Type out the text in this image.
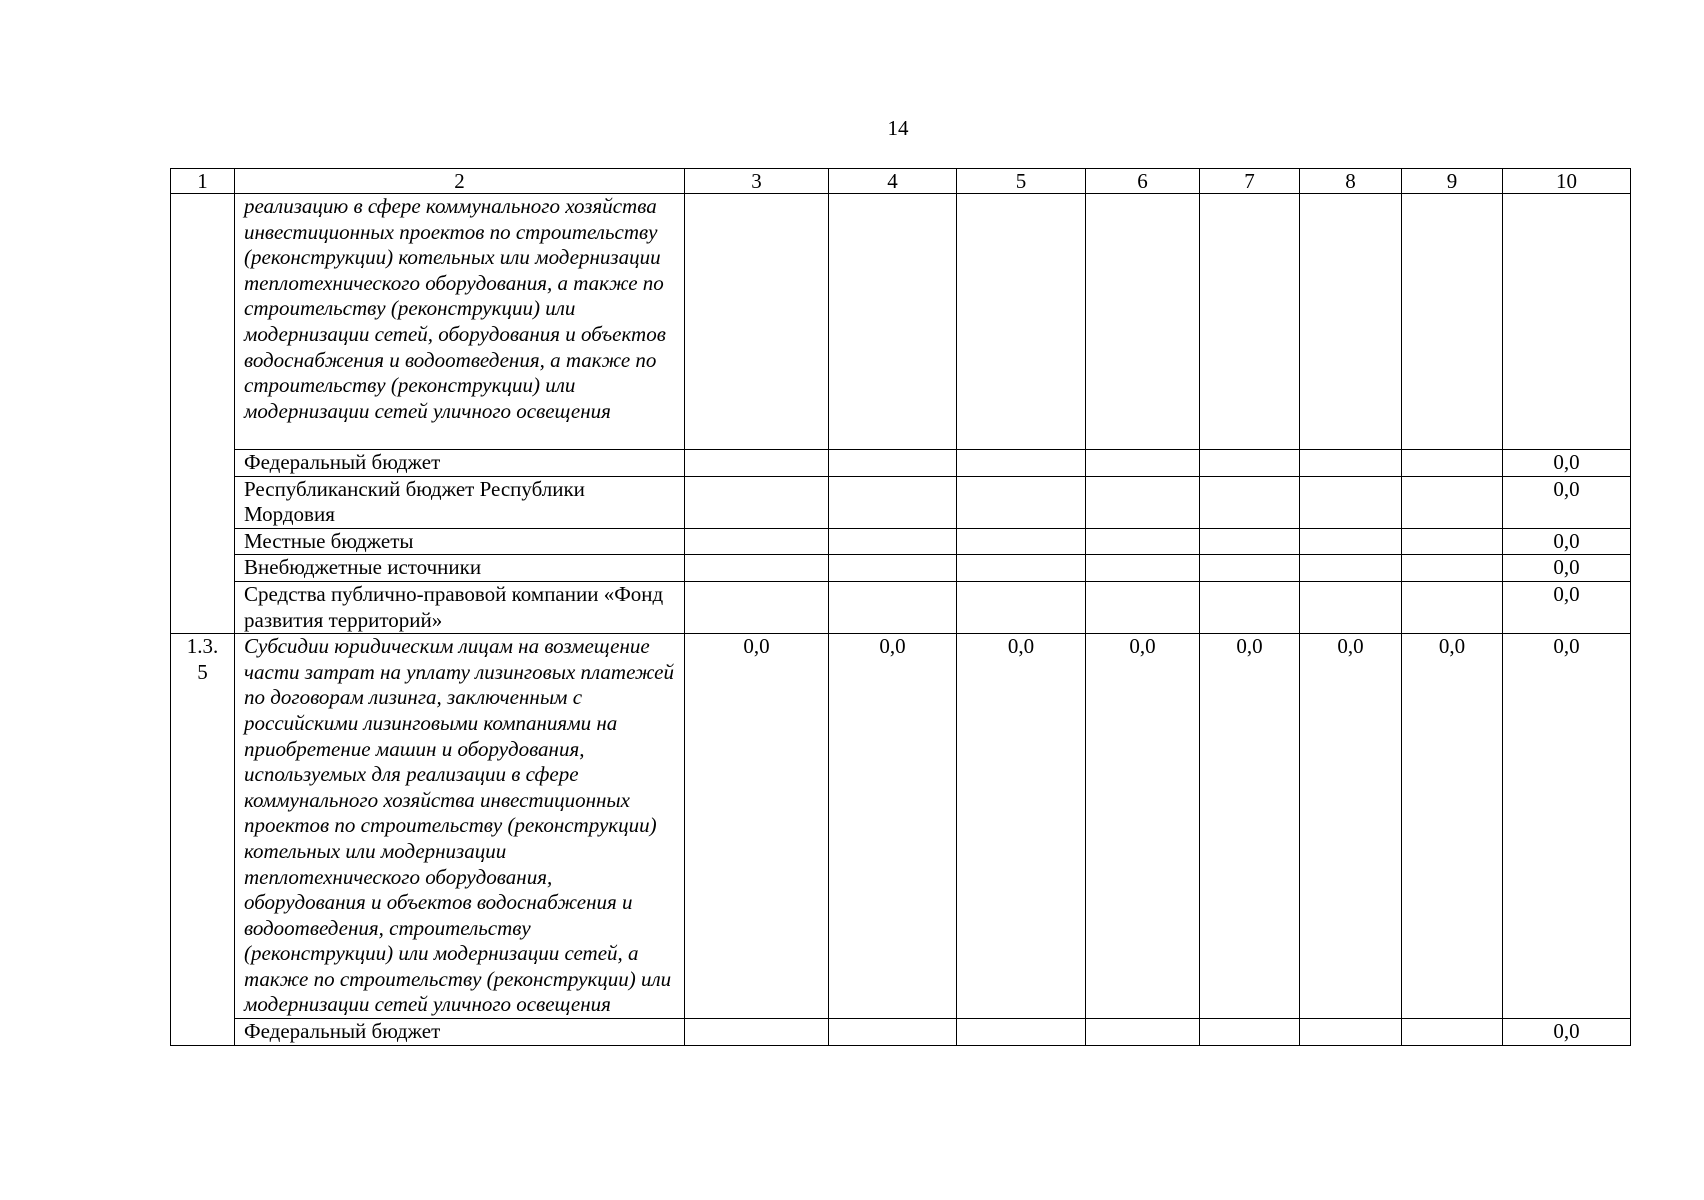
14
1	2	3	4	5	6	7	8	9	10
	реализацию в сфере коммунального хозяйства инвестиционных проектов по строительству (реконструкции) котельных или модернизации теплотехнического оборудования, а также по строительству (реконструкции) или модернизации сетей, оборудования и объектов водоснабжения и водоотведения, а также по строительству (реконструкции) или модернизации сетей уличного освещения								
	Федеральный бюджет								0,0
	Республиканский бюджет Республики Мордовия								0,0
	Местные бюджеты								0,0
	Внебюджетные источники								0,0
	Средства публично-правовой компании «Фонд развития территорий»								0,0
1.3. 5	Субсидии юридическим лицам на возмещение части затрат на уплату лизинговых платежей по договорам лизинга, заключенным с российскими лизинговыми компаниями на приобретение машин и оборудования, используемых для реализации в сфере коммунального хозяйства инвестиционных проектов по строительству (реконструкции) котельных или модернизации теплотехнического оборудования, оборудования и объектов водоснабжения и водоотведения, строительству (реконструкции) или модернизации сетей, а также по строительству (реконструкции) или модернизации сетей уличного освещения	0,0	0,0	0,0	0,0	0,0	0,0	0,0	0,0
	Федеральный бюджет								0,0
